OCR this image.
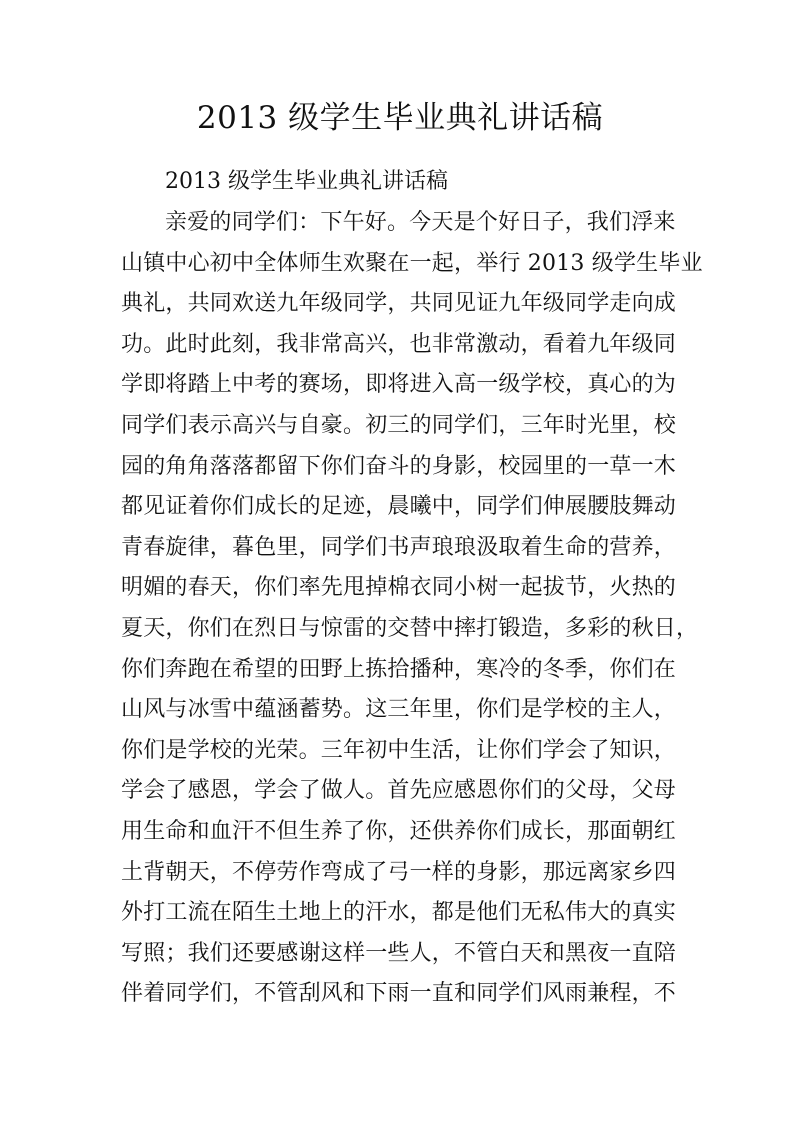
2013 级学生毕业典礼讲话稿
2013 级学生毕业典礼讲话稿
亲爱的同学们：下午好。今天是个好日子，我们浮来
山镇中心初中全体师生欢聚在一起，举行 2013 级学生毕业
典礼，共同欢送九年级同学，共同见证九年级同学走向成
功。此时此刻，我非常高兴，也非常激动，看着九年级同
学即将踏上中考的赛场，即将进入高一级学校，真心的为
同学们表示高兴与自豪。初三的同学们，三年时光里，校
园的角角落落都留下你们奋斗的身影，校园里的一草一木
都见证着你们成长的足迹，晨曦中，同学们伸展腰肢舞动
青春旋律，暮色里，同学们书声琅琅汲取着生命的营养，
明媚的春天，你们率先甩掉棉衣同小树一起拔节，火热的
夏天，你们在烈日与惊雷的交替中摔打锻造，多彩的秋日，
你们奔跑在希望的田野上拣拾播种，寒冷的冬季，你们在
山风与冰雪中蕴涵蓄势。这三年里，你们是学校的主人，
你们是学校的光荣。三年初中生活，让你们学会了知识，
学会了感恩，学会了做人。首先应感恩你们的父母，父母
用生命和血汗不但生养了你，还供养你们成长，那面朝红
土背朝天，不停劳作弯成了弓一样的身影，那远离家乡四
外打工流在陌生土地上的汗水，都是他们无私伟大的真实
写照；我们还要感谢这样一些人，不管白天和黑夜一直陪
伴着同学们，不管刮风和下雨一直和同学们风雨兼程，不
